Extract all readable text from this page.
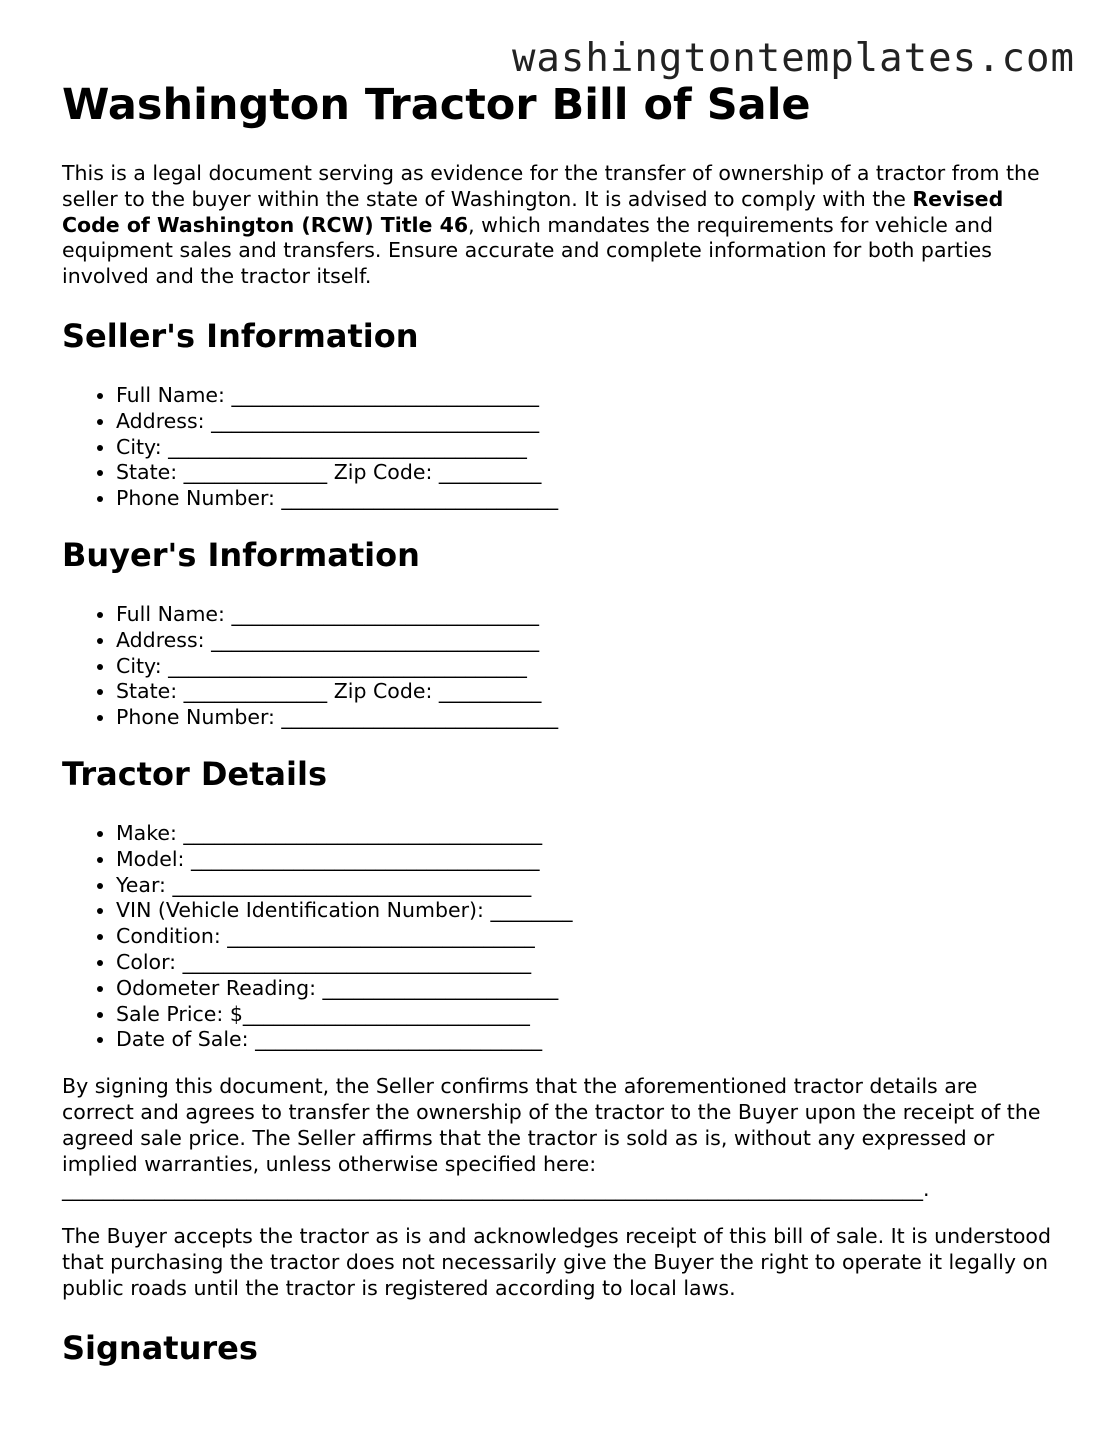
washingtontemplates.com
Washington Tractor Bill of Sale

This is a legal document serving as evidence for the transfer of ownership of a tractor from the seller to the buyer within the state of Washington. It is advised to comply with the Revised Code of Washington (RCW) Title 46, which mandates the requirements for vehicle and equipment sales and transfers. Ensure accurate and complete information for both parties involved and the tractor itself.

Seller's Information
• Full Name: ______________________________
• Address: ________________________________
• City: ___________________________________
• State: ______________ Zip Code: __________
• Phone Number: ___________________________
Buyer's Information
• Full Name: ______________________________
• Address: ________________________________
• City: ___________________________________
• State: ______________ Zip Code: __________
• Phone Number: ___________________________
Tractor Details
• Make: ___________________________________
• Model: __________________________________
• Year: ___________________________________
• VIN (Vehicle Identification Number): ________
• Condition: ______________________________
• Color: __________________________________
• Odometer Reading: _______________________
• Sale Price: $____________________________
• Date of Sale: ____________________________

By signing this document, the Seller confirms that the aforementioned tractor details are correct and agrees to transfer the ownership of the tractor to the Buyer upon the receipt of the agreed sale price. The Seller affirms that the tractor is sold as is, without any expressed or implied warranties, unless otherwise specified here: ____________________________________________________________________________________.

The Buyer accepts the tractor as is and acknowledges receipt of this bill of sale. It is understood that purchasing the tractor does not necessarily give the Buyer the right to operate it legally on public roads until the tractor is registered according to local laws.

Signatures
